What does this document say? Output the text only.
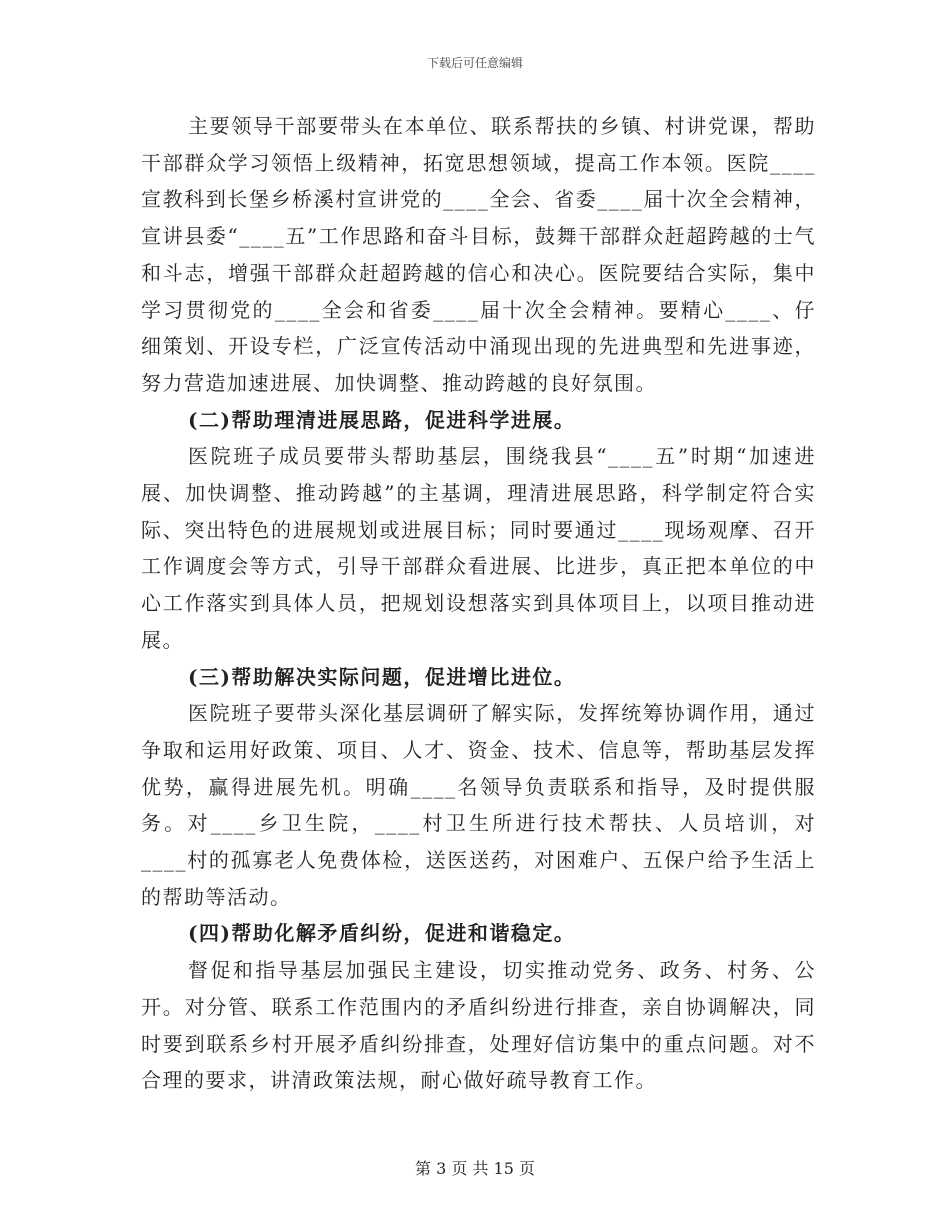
下载后可任意编辑

主要领导干部要带头在本单位、联系帮扶的乡镇、村讲党课，帮助干部群众学习领悟上级精神，拓宽思想领域，提高工作本领。医院____宣教科到长堡乡桥溪村宣讲党的____全会、省委____届十次全会精神，宣讲县委“____五”工作思路和奋斗目标，鼓舞干部群众赶超跨越的士气和斗志，增强干部群众赶超跨越的信心和决心。医院要结合实际，集中学习贯彻党的____全会和省委____届十次全会精神。要精心____、仔细策划、开设专栏，广泛宣传活动中涌现出现的先进典型和先进事迹，努力营造加速进展、加快调整、推动跨越的良好氛围。

(二)帮助理清进展思路，促进科学进展。

医院班子成员要带头帮助基层，围绕我县“____五”时期“加速进展、加快调整、推动跨越”的主基调，理清进展思路，科学制定符合实际、突出特色的进展规划或进展目标；同时要通过____现场观摩、召开工作调度会等方式，引导干部群众看进展、比进步，真正把本单位的中心工作落实到具体人员，把规划设想落实到具体项目上，以项目推动进展。

(三)帮助解决实际问题，促进增比进位。

医院班子要带头深化基层调研了解实际，发挥统筹协调作用，通过争取和运用好政策、项目、人才、资金、技术、信息等，帮助基层发挥优势，赢得进展先机。明确____名领导负责联系和指导，及时提供服务。对____乡卫生院，____村卫生所进行技术帮扶、人员培训，对____村的孤寡老人免费体检，送医送药，对困难户、五保户给予生活上的帮助等活动。

(四)帮助化解矛盾纠纷，促进和谐稳定。

督促和指导基层加强民主建设，切实推动党务、政务、村务、公开。对分管、联系工作范围内的矛盾纠纷进行排查，亲自协调解决，同时要到联系乡村开展矛盾纠纷排查，处理好信访集中的重点问题。对不合理的要求，讲清政策法规，耐心做好疏导教育工作。

第 3 页 共 15 页
